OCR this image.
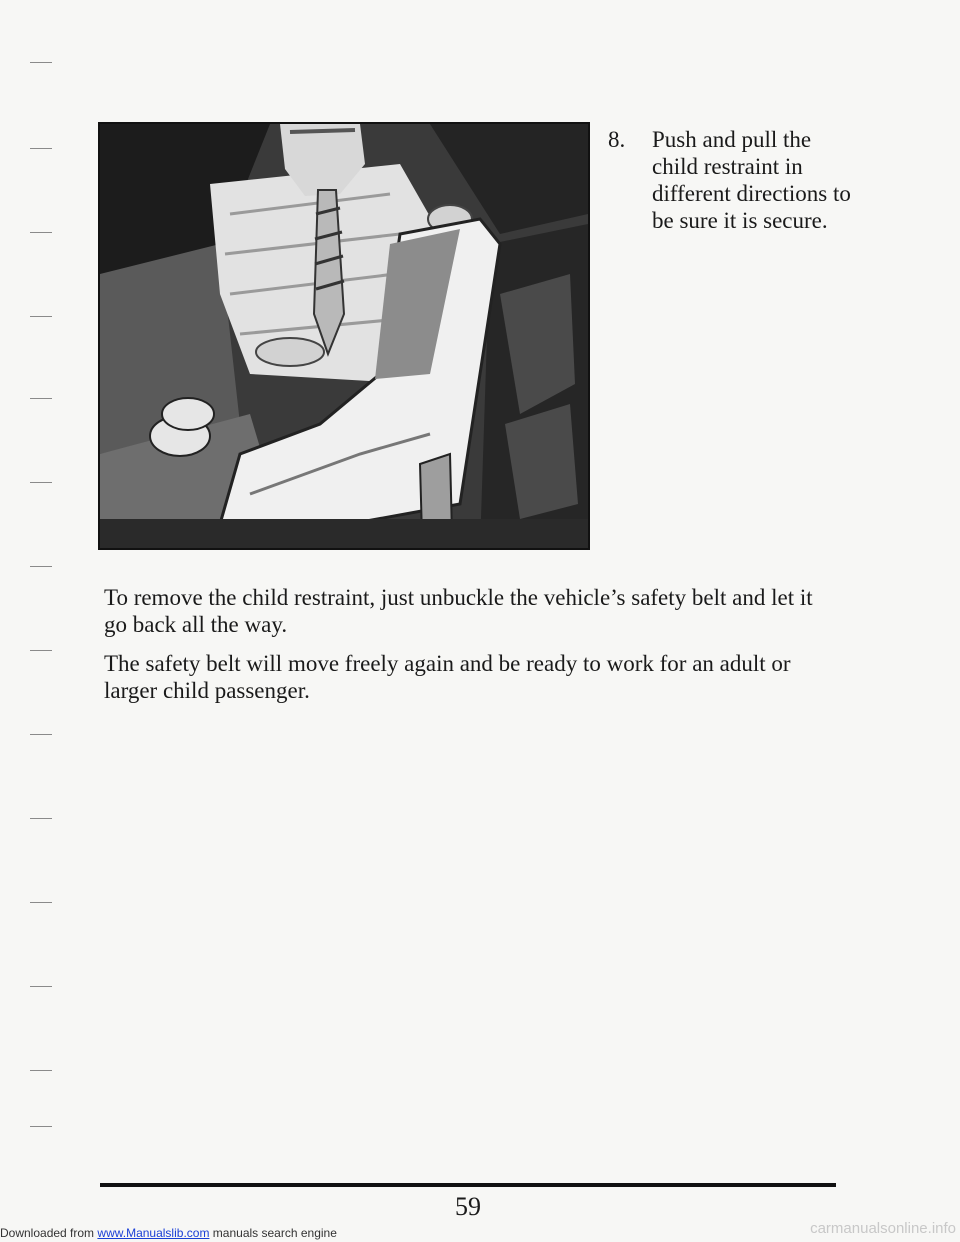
8. Push and pull the child restraint in different directions to be sure it is secure.

To remove the child restraint, just unbuckle the vehicle’s safety belt and let it go back all the way.

The safety belt will move freely again and be ready to work for an adult or larger child passenger.

59
Downloaded from www.Manualslib.com manuals search engine	carmanualsonline.info
